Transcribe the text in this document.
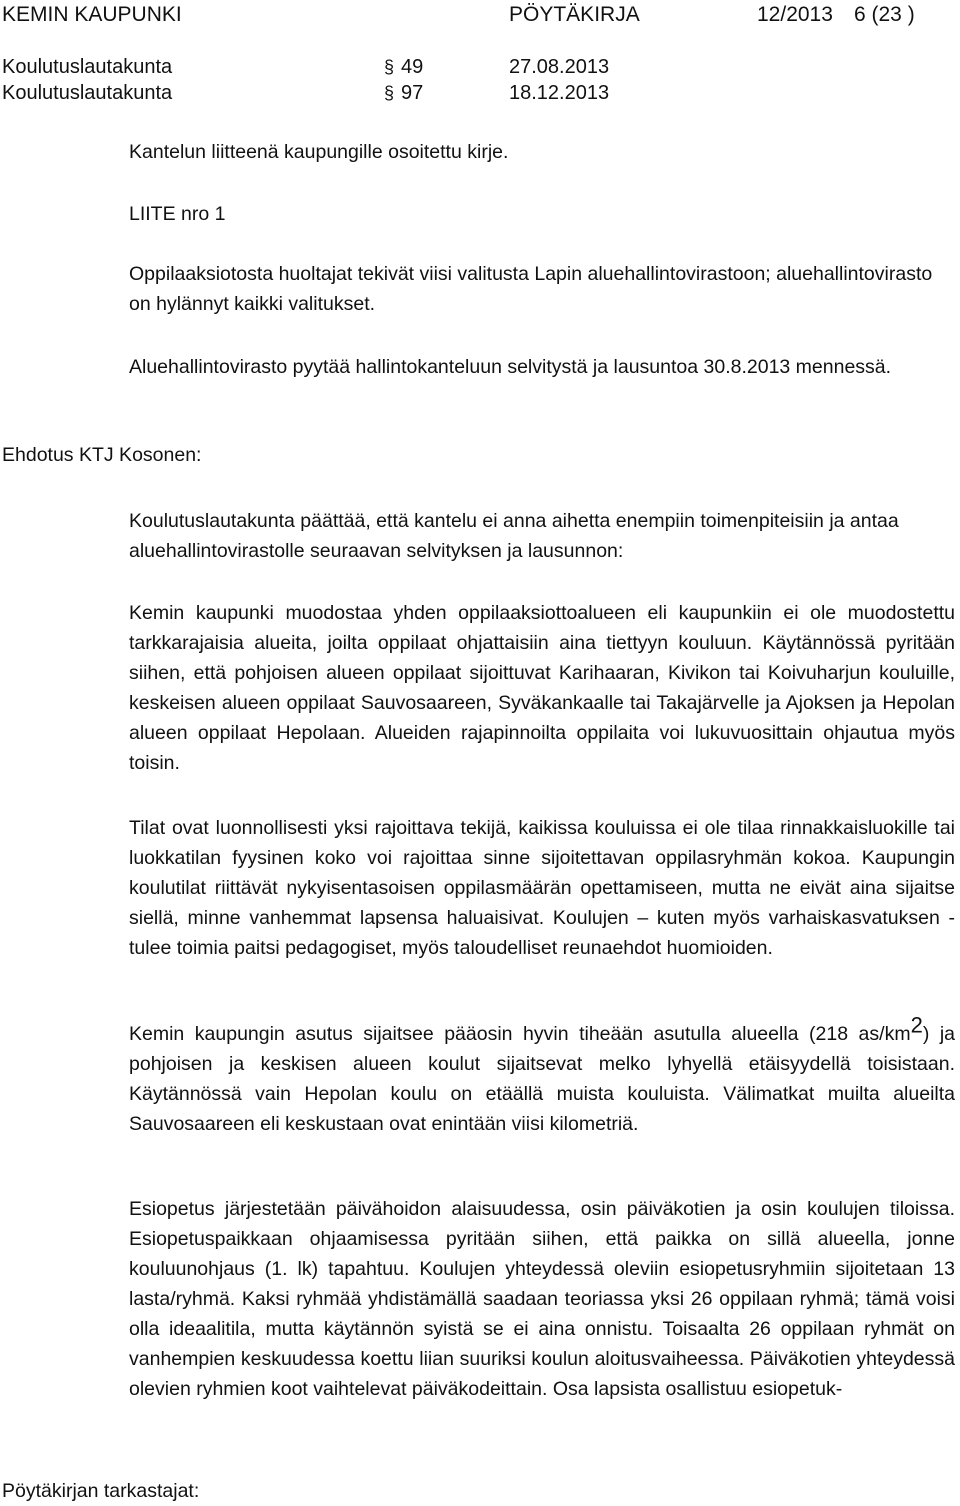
KEMIN KAUPUNKI	PÖYTÄKIRJA	12/2013 6 (23 )
Koulutuslautakunta	§ 49	27.08.2013
Koulutuslautakunta	§ 97	18.12.2013
Kantelun liitteenä kaupungille osoitettu kirje.
LIITE nro 1

Oppilaaksiotosta huoltajat tekivät viisi valitusta Lapin aluehallintovirastoon; aluehallintovirasto on hylännyt kaikki valitukset.

Aluehallintovirasto pyytää hallintokanteluun selvitystä ja lausuntoa 30.8.2013 mennessä.

Ehdotus KTJ Kosonen:

Koulutuslautakunta päättää, että kantelu ei anna aihetta enempiin toimenpiteisiin ja antaa aluehallintovirastolle seuraavan selvityksen ja lausunnon:

Kemin kaupunki muodostaa yhden oppilaaksiottoalueen eli kaupunkiin ei ole muodostettu tarkkarajaisia alueita, joilta oppilaat ohjattaisiin aina tiettyyn kouluun. Käytännössä pyritään siihen, että pohjoisen alueen oppilaat sijoittuvat Karihaaran, Kivikon tai Koivuharjun kouluille, keskeisen alueen oppilaat Sauvosaareen, Syväkankaalle tai Takajärvelle ja Ajoksen ja Hepolan alueen oppilaat Hepolaan. Alueiden rajapinnoilta oppilaita voi lukuvuosittain ohjautua myös toisin.

Tilat ovat luonnollisesti yksi rajoittava tekijä, kaikissa kouluissa ei ole tilaa rinnakkaisluokille tai luokkatilan fyysinen koko voi rajoittaa sinne sijoitettavan oppilasryhmän kokoa. Kaupungin koulutilat riittävät nykyisentasoisen oppilasmäärän opettamiseen, mutta ne eivät aina sijaitse siellä, minne vanhemmat lapsensa haluaisivat. Koulujen – kuten myös varhaiskasvatuksen - tulee toimia paitsi pedagogiset, myös taloudelliset reunaehdot huomioiden.

Kemin kaupungin asutus sijaitsee pääosin hyvin tiheään asutulla alueella (218 $as/km^2$) ja pohjoisen ja keskisen alueen koulut sijaitsevat melko lyhyellä etäisyydellä toisistaan. Käytännössä vain Hepolan koulu on etäällä muista kouluista. Välimatkat muilta alueilta Sauvosaareen eli keskustaan ovat enintään viisi kilometriä.

Esiopetus järjestetään päivähoidon alaisuudessa, osin päiväkotien ja osin koulujen tiloissa. Esiopetuspaikkaan ohjaamisessa pyritään siihen, että paikka on sillä alueella, jonne kouluunohjaus (1. lk) tapahtuu. Koulujen yhteydessä oleviin esiopetusryhmiin sijoitetaan 13 lasta/ryhmä. Kaksi ryhmää yhdistämällä saadaan teoriassa yksi 26 oppilaan ryhmä; tämä voisi olla ideaalitila, mutta käytännön syistä se ei aina onnistu. Toisaalta 26 oppilaan ryhmät on vanhempien keskuudessa koettu liian suuriksi koulun aloitusvaiheessa. Päiväkotien yhteydessä olevien ryhmien koot vaihtelevat päiväkodeittain. Osa lapsista osallistuu esiopetuk-

Pöytäkirjan tarkastajat:
